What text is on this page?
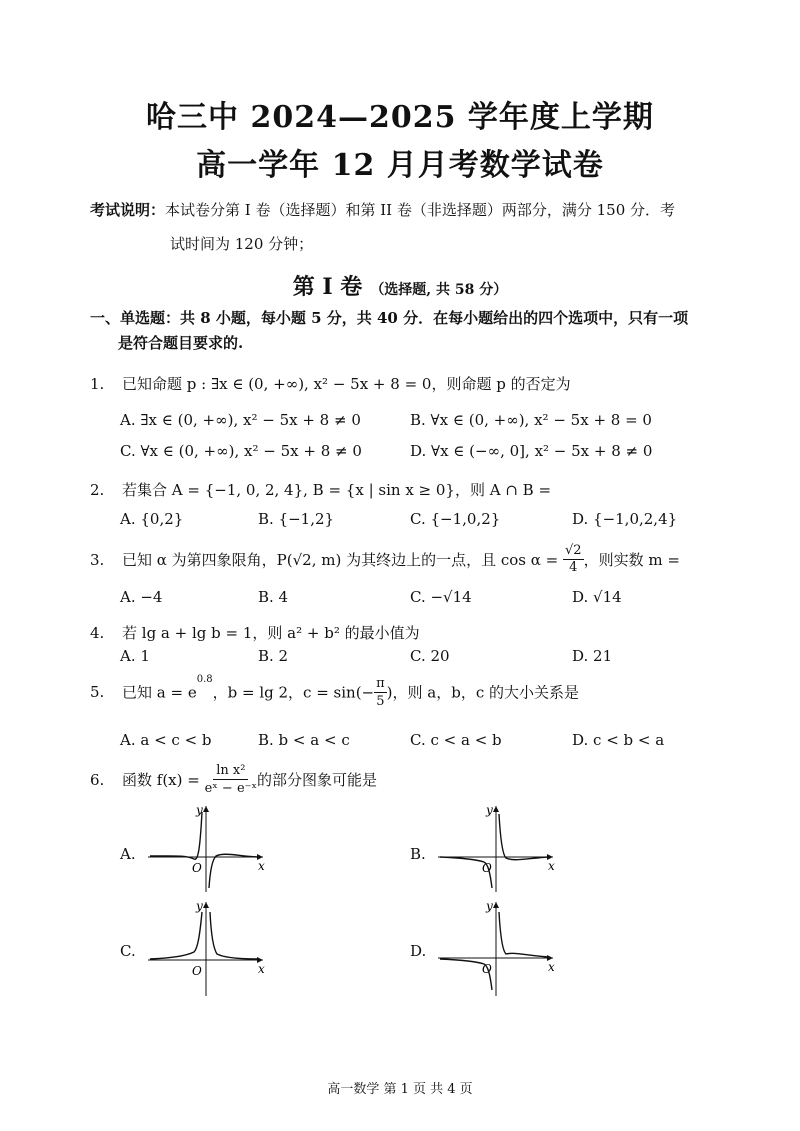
哈三中 2024—2025 学年度上学期
高一学年 12 月月考数学试卷
考试说明：本试卷分第 I 卷（选择题）和第 II 卷（非选择题）两部分，满分 150 分．考
试时间为 120 分钟；
第 I 卷 （选择题, 共 58 分）
一、单选题：共 8 小题，每小题 5 分，共 40 分．在每小题给出的四个选项中，只有一项
是符合题目要求的.
1. 已知命题 p : ∃x ∈ (0, +∞), x² − 5x + 8 = 0，则命题 p 的否定为
A. ∃x ∈ (0, +∞), x² − 5x + 8 ≠ 0	B. ∀x ∈ (0, +∞), x² − 5x + 8 = 0
C. ∀x ∈ (0, +∞), x² − 5x + 8 ≠ 0	D. ∀x ∈ (−∞, 0], x² − 5x + 8 ≠ 0
2. 若集合 A = {−1, 0, 2, 4}, B = {x | sin x ≥ 0}，则 A ∩ B =
A. {0,2}	B. {−1,2}	C. {−1,0,2}	D. {−1,0,2,4}
3. 已知 α 为第四象限角，P(√2, m) 为其终边上的一点，且 $\cos \alpha = \frac{√2}{4}$ ，则实数 m =
A. −4	B. 4	C. −√14	D. √14
4. 若 lg a + lg b = 1，则 a² + b² 的最小值为
A. 1	B. 2	C. 20	D. 21
5. 已知 $a = e^{0.8}$，b = lg 2，$c = \sin(- \frac{\pi}{5}$ )，则 a，b，c 的大小关系是
A. a < c < b	B. b < a < c	C. c < a < b	D. c < b < a
6. 函数 $f(x) = \frac{\text{ln x²}}{\text{eˣ − e⁻ˣ}}$ 的部分图象可能是
A.	B.
C.	D.
x
y
O	x
y
O
x
y
O	x
y
O
高一数学 第 1 页 共 4 页
